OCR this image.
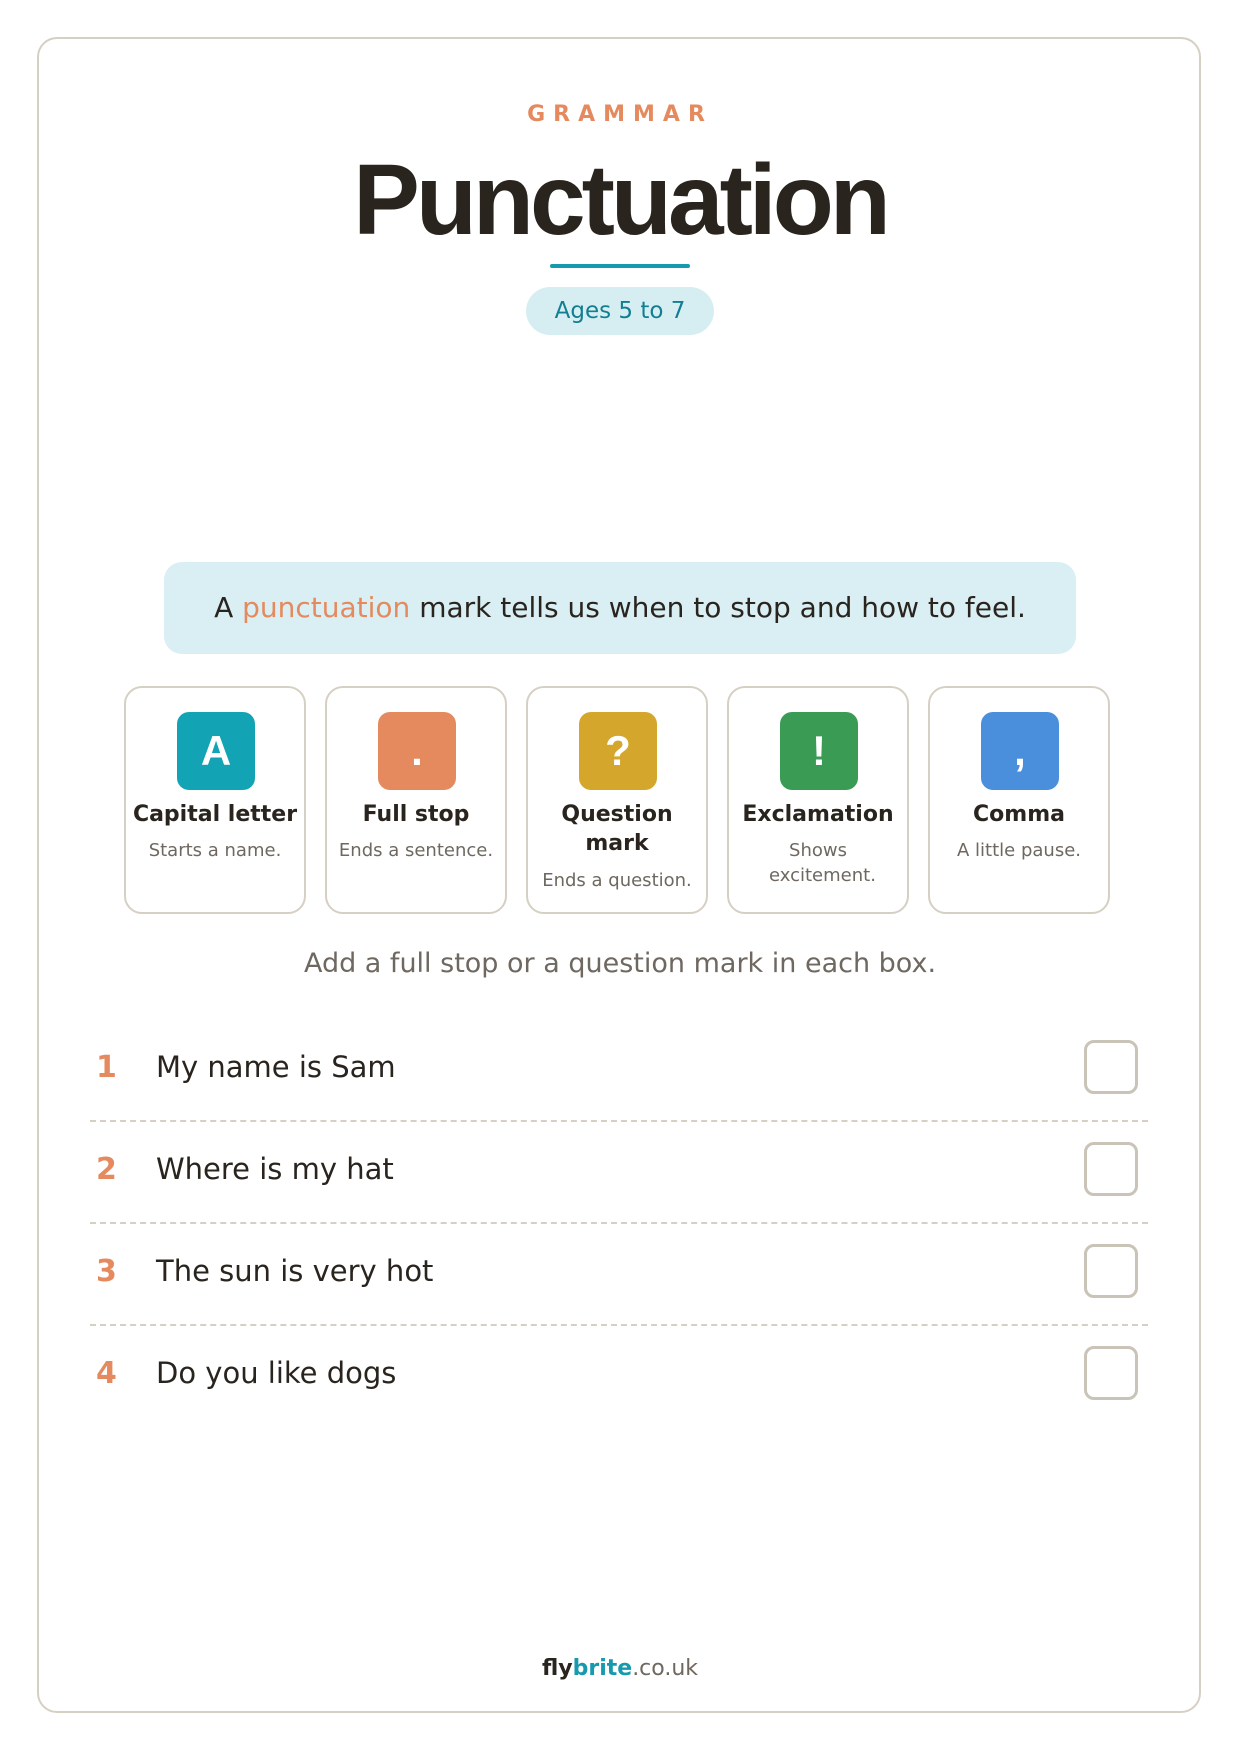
GRAMMAR
Punctuation
Ages 5 to 7
A punctuation mark tells us when to stop and how to feel.
A
Capital letter
Starts a name.
.
Full stop
Ends a sentence.
?
Question mark
Ends a question.
!
Exclamation
Shows excitement.
,
Comma
A little pause.
Add a full stop or a question mark in each box.
1 My name is Sam
2 Where is my hat
3 The sun is very hot
4 Do you like dogs
flybrite.co.uk
